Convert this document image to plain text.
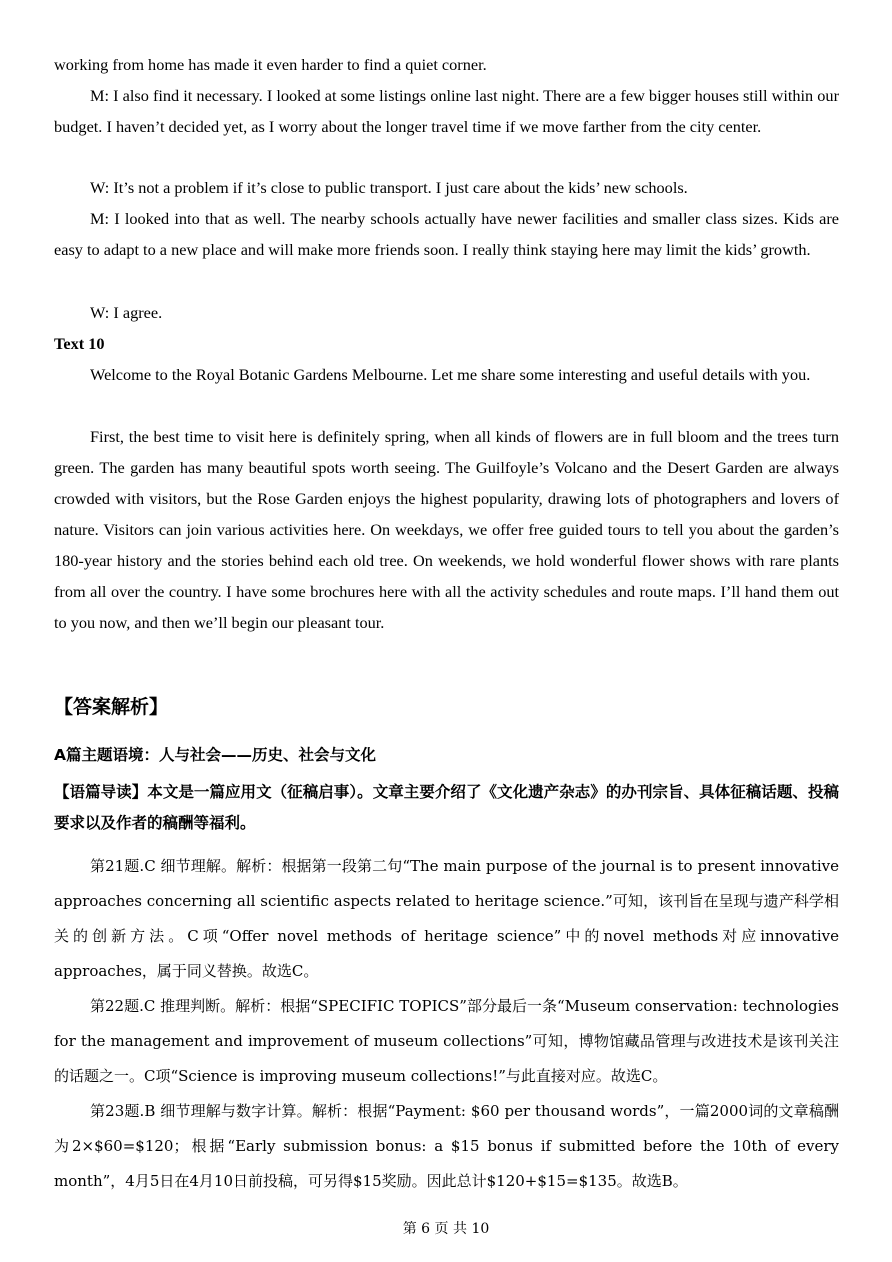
working from home has made it even harder to find a quiet corner.

M: I also find it necessary. I looked at some listings online last night. There are a few bigger houses still within our budget. I haven’t decided yet, as I worry about the longer travel time if we move farther from the city center.

W: It’s not a problem if it’s close to public transport. I just care about the kids’ new schools.

M: I looked into that as well. The nearby schools actually have newer facilities and smaller class sizes. Kids are easy to adapt to a new place and will make more friends soon. I really think staying here may limit the kids’ growth.

W: I agree.

Text 10

Welcome to the Royal Botanic Gardens Melbourne. Let me share some interesting and useful details with you.

First, the best time to visit here is definitely spring, when all kinds of flowers are in full bloom and the trees turn green. The garden has many beautiful spots worth seeing. The Guilfoyle’s Volcano and the Desert Garden are always crowded with visitors, but the Rose Garden enjoys the highest popularity, drawing lots of photographers and lovers of nature. Visitors can join various activities here. On weekdays, we offer free guided tours to tell you about the garden’s 180-year history and the stories behind each old tree. On weekends, we hold wonderful flower shows with rare plants from all over the country. I have some brochures here with all the activity schedules and route maps. I’ll hand them out to you now, and then we’ll begin our pleasant tour.

【答案解析】
A篇主题语境：人与社会——历史、社会与文化
【语篇导读】本文是一篇应用文（征稿启事）。文章主要介绍了《文化遗产杂志》的办刊宗旨、具体征稿话题、投稿要求以及作者的稿酬等福利。
第21题.C 细节理解。解析：根据第一段第二句“The main purpose of the journal is to present innovative approaches concerning all scientific aspects related to heritage science.”可知，该刊旨在呈现与遗产科学相关的创新方法。C项“Offer novel methods of heritage science”中的novel methods对应innovative approaches，属于同义替换。故选C。
第22题.C 推理判断。解析：根据“SPECIFIC TOPICS”部分最后一条“Museum conservation: technologies for the management and improvement of museum collections”可知，博物馆藏品管理与改进技术是该刊关注的话题之一。C项“Science is improving museum collections!”与此直接对应。故选C。
第23题.B 细节理解与数字计算。解析：根据“Payment: $60 per thousand words”，一篇2000词的文章稿酬为2×$60=$120；根据“Early submission bonus: a $15 bonus if submitted before the 10th of every month”，4月5日在4月10日前投稿，可另得$15奖励。因此总计$120+$15=$135。故选B。
第 6 页 共 10
